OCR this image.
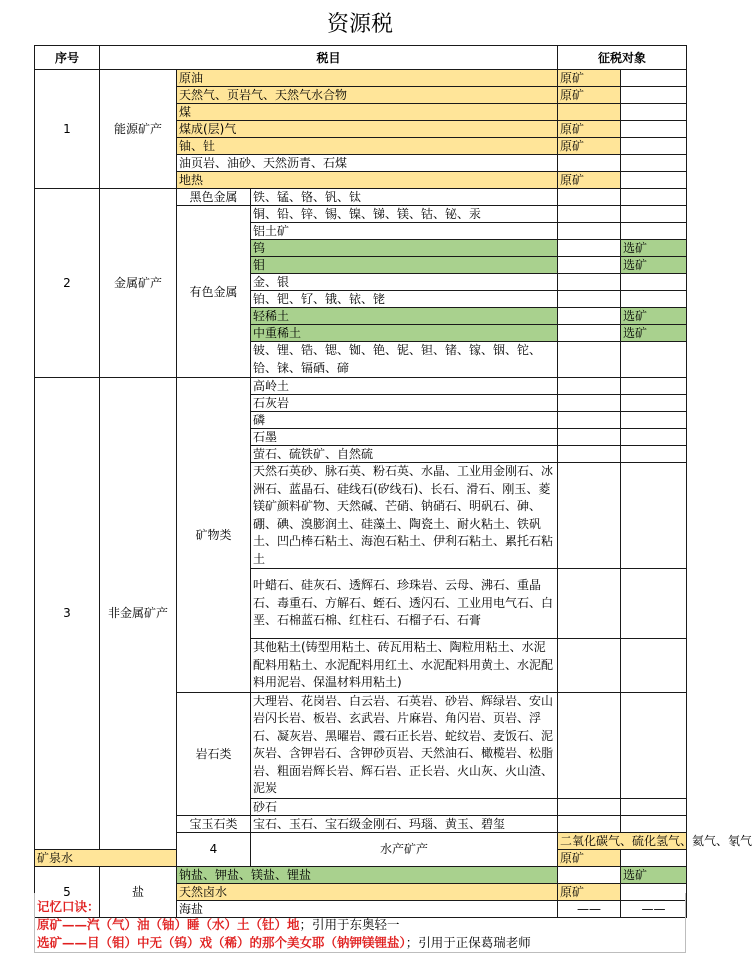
资源税
序号	税目			征税对象		
1	能源矿产	原油		原矿		
		天然气、页岩气、天然气水合物		原矿		
		煤				
		煤成(层)气		原矿		
		铀、钍		原矿		
		油页岩、油砂、天然沥青、石煤				
		地热		原矿		
2	金属矿产	黑色金属	铁、锰、铬、钒、钛			
		有色金属	铜、铅、锌、锡、镍、锑、镁、钴、铋、汞			
			铝土矿			
			钨		选矿	
			钼		选矿	
			金、银			
			铂、钯、钌、锇、铱、铑			
			轻稀土		选矿	
			中重稀土		选矿	
			铍、锂、锆、锶、铷、铯、铌、钽、锗、镓、铟、铊、铪、铼、镉硒、碲			
3	非金属矿产	矿物类	高岭土			
			石灰岩			
			磷			
			石墨			
			萤石、硫铁矿、自然硫			
			天然石英砂、脉石英、粉石英、水晶、工业用金刚石、冰洲石、蓝晶石、硅线石(矽线石)、长石、滑石、刚玉、菱镁矿颜料矿物、天然碱、芒硝、钠硝石、明矾石、砷、硼、碘、溴膨润土、硅藻土、陶瓷土、耐火粘土、铁矾土、凹凸棒石粘土、海泡石粘土、伊利石粘土、累托石粘土			
			叶蜡石、硅灰石、透辉石、珍珠岩、云母、沸石、重晶石、毒重石、方解石、蛭石、透闪石、工业用电气石、白垩、石棉蓝石棉、红柱石、石榴子石、石膏			
			其他粘土(铸型用粘土、砖瓦用粘土、陶粒用粘土、水泥配料用粘土、水泥配料用红土、水泥配料用黄土、水泥配料用泥岩、保温材料用粘土)			
		岩石类	大理岩、花岗岩、白云岩、石英岩、砂岩、辉绿岩、安山岩闪长岩、板岩、玄武岩、片麻岩、角闪岩、页岩、浮石、凝灰岩、黑曜岩、霞石正长岩、蛇纹岩、麦饭石、泥灰岩、含钾岩石、含钾砂页岩、天然油石、橄榄岩、松脂岩、粗面岩辉长岩、辉石岩、正长岩、火山灰、火山渣、泥炭			
			砂石			
		宝玉石类	宝石、玉石、宝石级金刚石、玛瑙、黄玉、碧玺			
		4	水产矿产	二氧化碳气、硫化氢气、氦气、氡气		
矿泉水				原矿		
5	盐	钠盐、钾盐、镁盐、锂盐			选矿	
		天然卤水		原矿		
		海盐		——	——	
记忆口诀：
原矿——汽（气）油（铀）睡（水）土（钍）地；引用于东奥轻一
选矿——目（钼）中无（钨）戏（稀）的那个美女耶（钠钾镁锂盐）；引用于正保葛瑞老师
